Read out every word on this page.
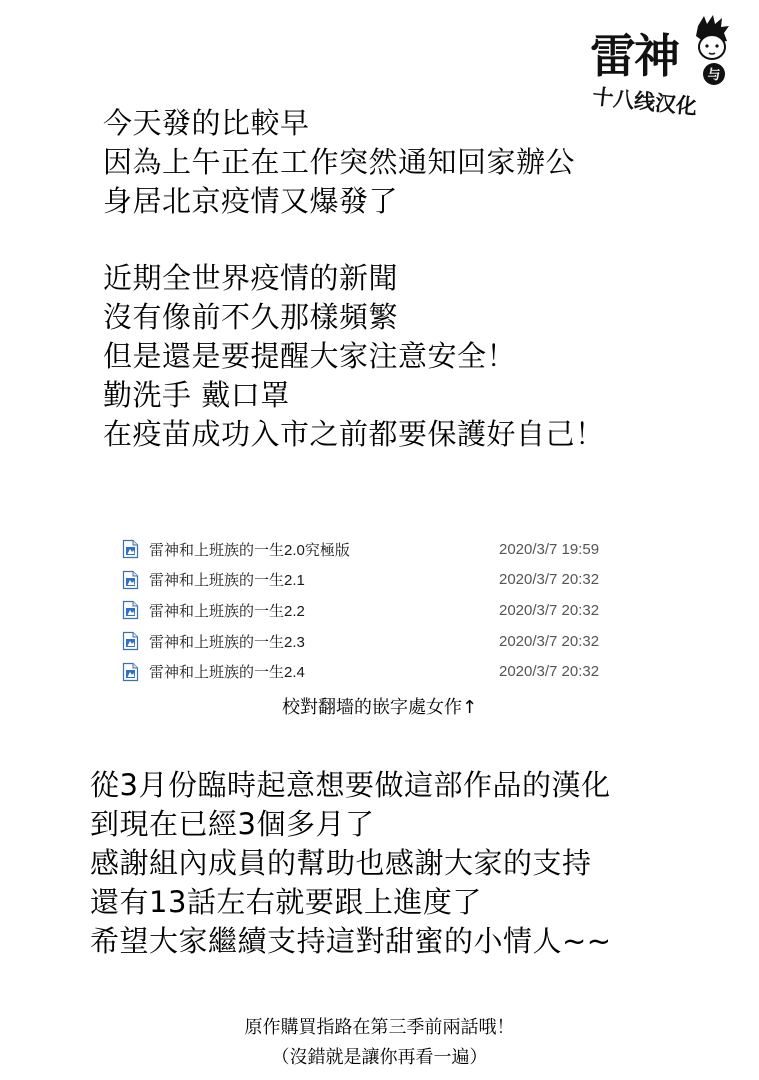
与
雷神
十八线汉化
今天發的比較早
因為上午正在工作突然通知回家辦公
身居北京疫情又爆發了
近期全世界疫情的新聞
沒有像前不久那樣頻繁
但是還是要提醒大家注意安全！
勤洗手 戴口罩
在疫苗成功入市之前都要保護好自己！
雷神和上班族的一生2.0究極版	2020/3/7 19:59
雷神和上班族的一生2.1	2020/3/7 20:32
雷神和上班族的一生2.2	2020/3/7 20:32
雷神和上班族的一生2.3	2020/3/7 20:32
雷神和上班族的一生2.4	2020/3/7 20:32
校對翻墻的嵌字處女作↑
從3月份臨時起意想要做這部作品的漢化
到現在已經3個多月了
感謝組內成員的幫助也感謝大家的支持
還有13話左右就要跟上進度了
希望大家繼續支持這對甜蜜的小情人~~
原作購買指路在第三季前兩話哦！
（沒錯就是讓你再看一遍）
